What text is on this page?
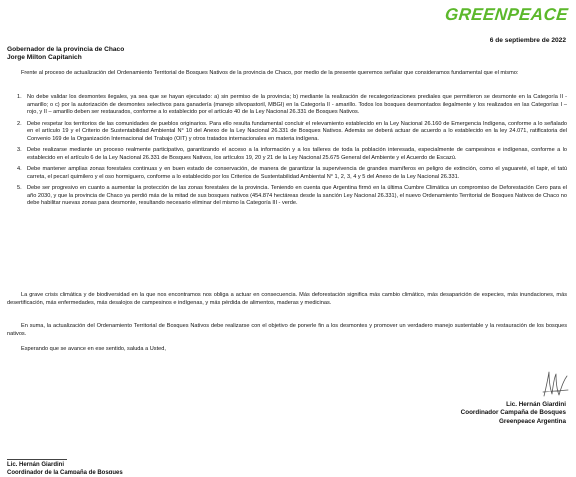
GREENPEACE
6 de septiembre de 2022
Gobernador de la provincia de Chaco
Jorge Milton Capitanich
Frente al proceso de actualización del Ordenamiento Territorial de Bosques Nativos de la provincia de Chaco, por medio de la presente queremos señalar que consideramos fundamental que el mismo:
1. No debe validar los desmontes ilegales, ya sea que se hayan ejecutado: a) sin permiso de la provincia; b) mediante la realización de recategorizaciones prediales que permitieron se desmonte en la Categoría II - amarillo; o c) por la autorización de desmontes selectivos para ganadería (manejo silvopastoril, MBGI) en la Categoría II - amarillo. Todos los bosques desmontados ilegalmente y los realizados en las Categorías I – rojo, y II – amarillo deben ser restaurados, conforme a lo establecido por el artículo 40 de la Ley Nacional 26.331 de Bosques Nativos.
2. Debe respetar los territorios de las comunidades de pueblos originarios. Para ello resulta fundamental concluir el relevamiento establecido en la Ley Nacional 26.160 de Emergencia Indígena, conforme a lo señalado en el artículo 19 y el Criterio de Sustentabilidad Ambiental N° 10 del Anexo de la Ley Nacional 26.331 de Bosques Nativos. Además se deberá actuar de acuerdo a lo establecido en la ley 24.071, ratificatoria del Convenio 169 de la Organización Internacional del Trabajo (OIT) y otros tratados internacionales en materia indígena.
3. Debe realizarse mediante un proceso realmente participativo, garantizando el acceso a la información y a los talleres de toda la población interesada, especialmente de campesinos e indígenas, conforme a lo establecido en el artículo 6 de la Ley Nacional 26.331 de Bosques Nativos, los artículos 19, 20 y 21 de la Ley Nacional 25.675 General del Ambiente y el Acuerdo de Escazú.
4. Debe mantener amplias zonas forestales continuas y en buen estado de conservación, de manera de garantizar la supervivencia de grandes mamíferos en peligro de extinción, como el yaguareté, el tapir, el tatú carreta, el pecarí quimilero y el oso hormiguero, conforme a lo establecido por los Criterios de Sustentabilidad Ambiental N° 1, 2, 3, 4 y 5 del Anexo de la Ley Nacional 26.331.
5. Debe ser progresivo en cuanto a aumentar la protección de las zonas forestales de la provincia. Teniendo en cuenta que Argentina firmó en la última Cumbre Climática un compromiso de Deforestación Cero para el año 2030, y que la provincia de Chaco ya perdió más de la mitad de sus bosques nativos (454.874 hectáreas desde la sanción Ley Nacional 26.331), el nuevo Ordenamiento Territorial de Bosques Nativos de Chaco no debe habilitar nuevas zonas para desmonte, resultando necesario eliminar del mismo la Categoría III - verde.
La grave crisis climática y de biodiversidad en la que nos encontramos nos obliga a actuar en consecuencia. Más deforestación significa más cambio climático, más desaparición de especies, más inundaciones, más desertificación, más enfermedades, más desalojos de campesinos e indígenas, y más pérdida de alimentos, maderas y medicinas.
En suma, la actualización del Ordenamiento Territorial de Bosques Nativos debe realizarse con el objetivo de ponerle fin a los desmontes y promover un verdadero manejo sustentable y la restauración de los bosques nativos.
Esperando que se avance en ese sentido, saluda a Usted,
Lic. Hernán Giardini
Coordinador Campaña de Bosques
Greenpeace Argentina
Lic. Hernán Giardini
Coordinador de la Campaña de Bosques
